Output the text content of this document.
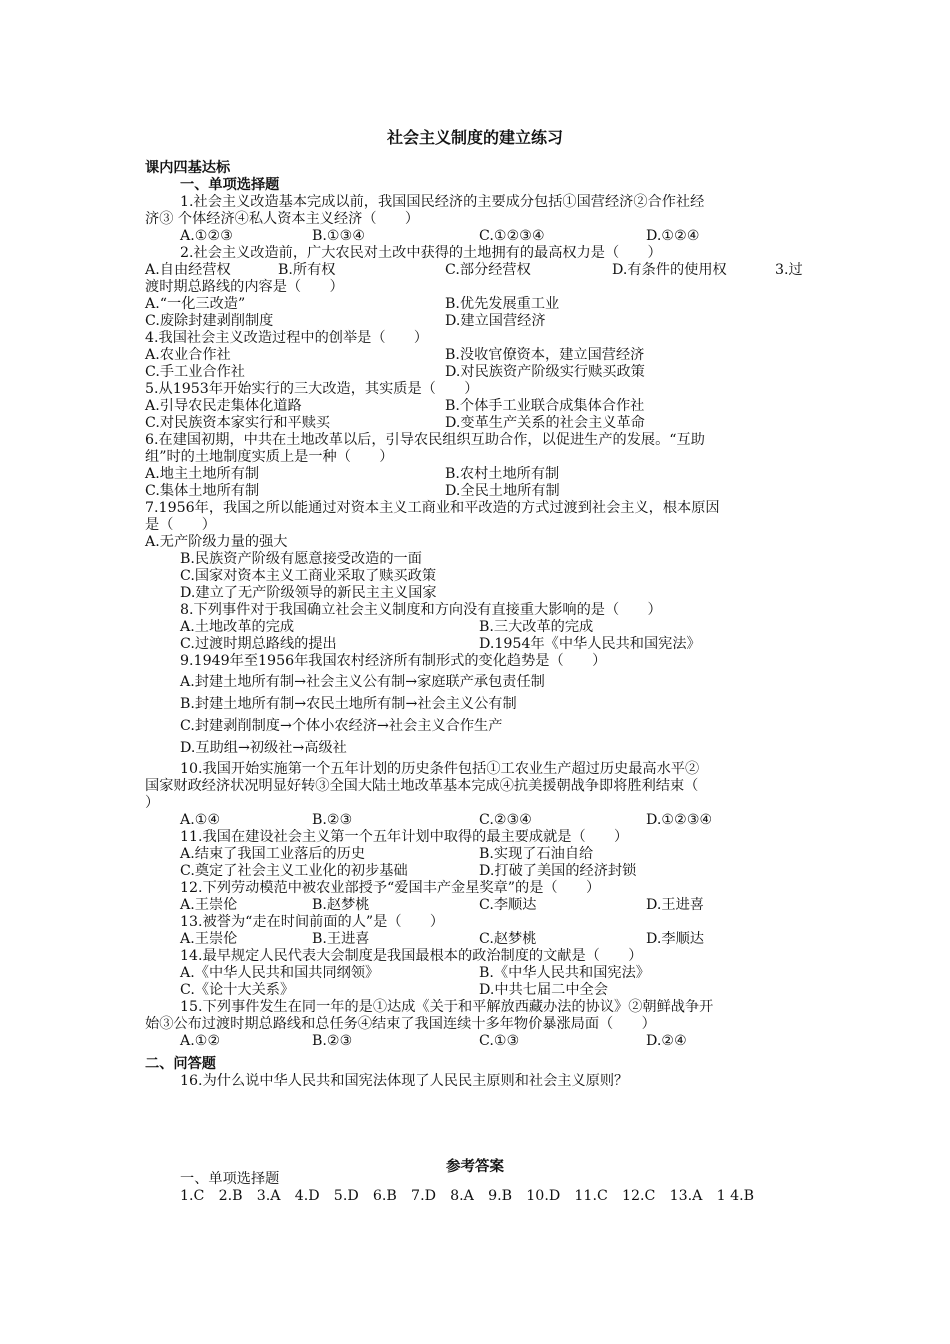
社会主义制度的建立练习
课内四基达标
一、单项选择题
1.社会主义改造基本完成以前，我国国民经济的主要成分包括①国营经济②合作社经
济③ 个体经济④私人资本主义经济（　　）
A.①②③	B.①③④	C.①②③④	D.①②④
2.社会主义改造前，广大农民对土改中获得的土地拥有的最高权力是（　　）
A.自由经营权	B.所有权	C.部分经营权	D.有条件的使用权	3.过
渡时期总路线的内容是（　　）
A.“一化三改造”	B.优先发展重工业
C.废除封建剥削制度	D.建立国营经济
4.我国社会主义改造过程中的创举是（　　）
A.农业合作社	B.没收官僚资本，建立国营经济
C.手工业合作社	D.对民族资产阶级实行赎买政策
5.从1953年开始实行的三大改造，其实质是（　　）
A.引导农民走集体化道路	B.个体手工业联合成集体合作社
C.对民族资本家实行和平赎买	D.变革生产关系的社会主义革命
6.在建国初期，中共在土地改革以后，引导农民组织互助合作，以促进生产的发展。“互助
组”时的土地制度实质上是一种（　　）
A.地主土地所有制	B.农村土地所有制
C.集体土地所有制	D.全民土地所有制
7.1956年，我国之所以能通过对资本主义工商业和平改造的方式过渡到社会主义，根本原因
是（　　）
A.无产阶级力量的强大
B.民族资产阶级有愿意接受改造的一面
C.国家对资本主义工商业采取了赎买政策
D.建立了无产阶级领导的新民主主义国家
8.下列事件对于我国确立社会主义制度和方向没有直接重大影响的是（　　）
A.土地改革的完成	B.三大改革的完成
C.过渡时期总路线的提出	D.1954年《中华人民共和国宪法》
9.1949年至1956年我国农村经济所有制形式的变化趋势是（　　）
A.封建土地所有制→社会主义公有制→家庭联产承包责任制
B.封建土地所有制→农民土地所有制→社会主义公有制
C.封建剥削制度→个体小农经济→社会主义合作生产
D.互助组→初级社→高级社
10.我国开始实施第一个五年计划的历史条件包括①工农业生产超过历史最高水平②
国家财政经济状况明显好转③全国大陆土地改革基本完成④抗美援朝战争即将胜利结束（
）
A.①④	B.②③	C.②③④	D.①②③④
11.我国在建设社会主义第一个五年计划中取得的最主要成就是（　　）
A.结束了我国工业落后的历史	B.实现了石油自给
C.奠定了社会主义工业化的初步基础	D.打破了美国的经济封锁
12.下列劳动模范中被农业部授予“爱国丰产金星奖章”的是（　　）
A.王崇伦	B.赵梦桃	C.李顺达	D.王进喜
13.被誉为“走在时间前面的人”是（　　）
A.王崇伦	B.王进喜	C.赵梦桃	D.李顺达
14.最早规定人民代表大会制度是我国最根本的政治制度的文献是（　　）
A.《中华人民共和国共同纲领》	B.《中华人民共和国宪法》
C.《论十大关系》	D.中共七届二中全会
15.下列事件发生在同一年的是①达成《关于和平解放西藏办法的协议》②朝鲜战争开
始③公布过渡时期总路线和总任务④结束了我国连续十多年物价暴涨局面（　　）
A.①②	B.②③	C.①③	D.②④
二、问答题
16.为什么说中华人民共和国宪法体现了人民民主原则和社会主义原则？
参考答案
一、单项选择题
1.C　2.B　3.A　4.D　5.D　6.B　7.D　8.A　9.B　10.D　11.C　12.C　13.A　1 4.B
